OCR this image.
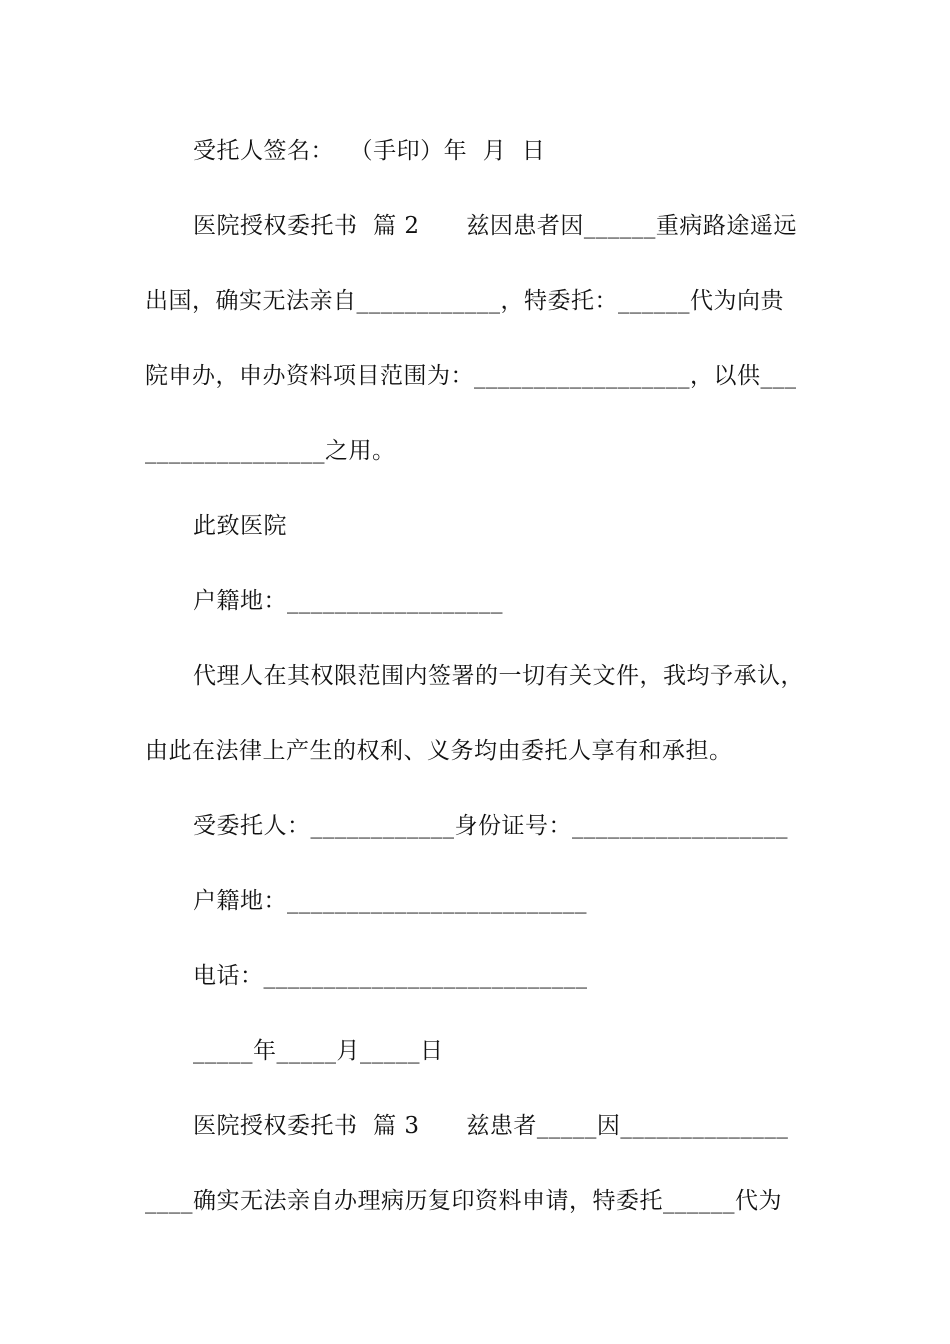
受托人签名：  （手印）年  月  日
医院授权委托书  篇 2      兹因患者因______重病路途遥远
出国，确实无法亲自____________，特委托：______代为向贵
院申办，申办资料项目范围为：__________________，以供___
_______________之用。
此致医院
户籍地：__________________
代理人在其权限范围内签署的一切有关文件，我均予承认，
由此在法律上产生的权利、义务均由委托人享有和承担。
受委托人：____________身份证号：__________________
户籍地：_________________________
电话：___________________________
_____年_____月_____日
医院授权委托书  篇 3      兹患者_____因______________
____确实无法亲自办理病历复印资料申请，特委托______代为
